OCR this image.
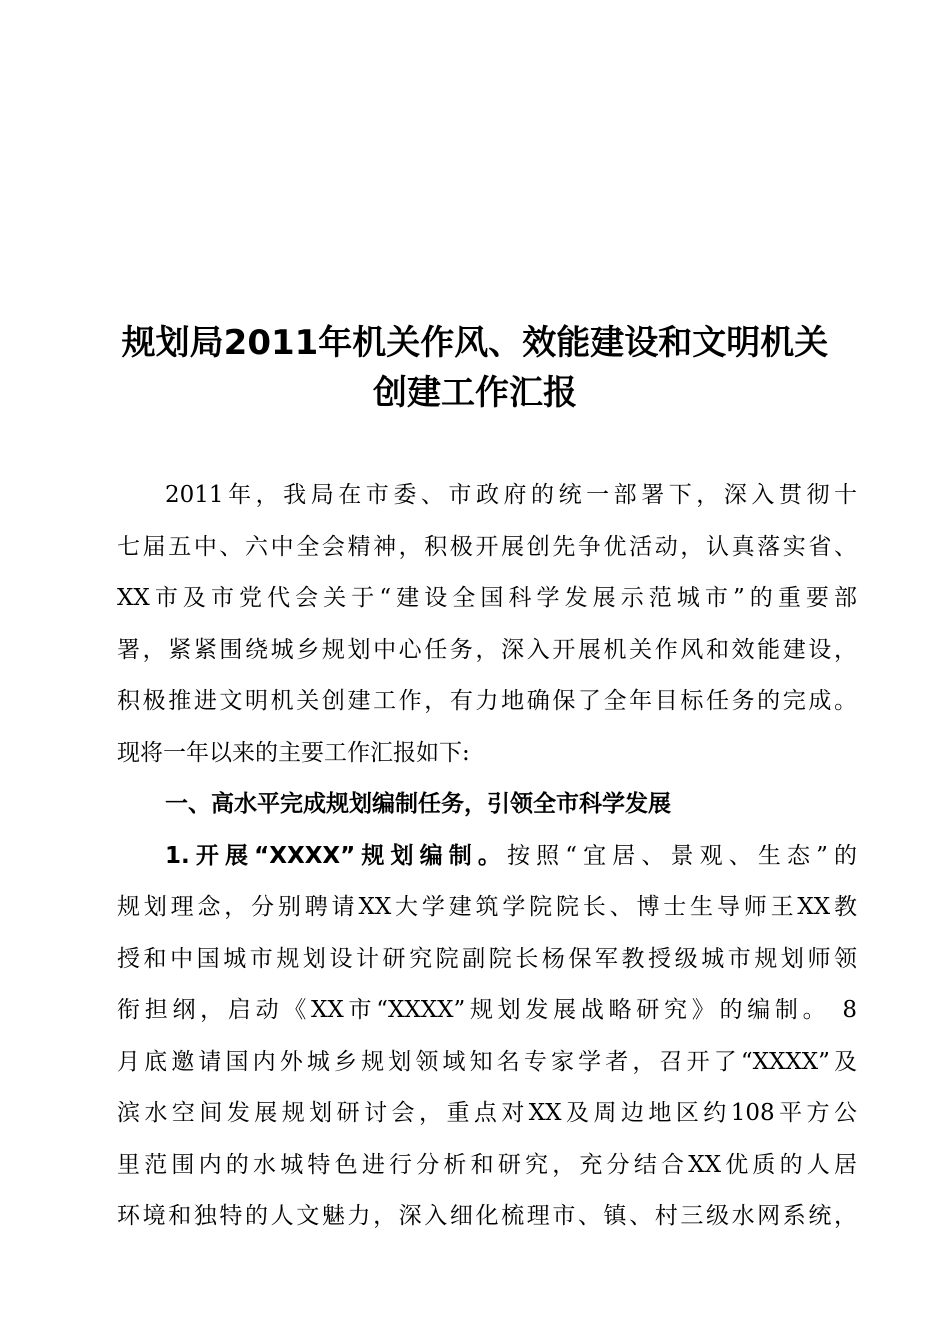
规划局2011年机关作风、效能建设和文明机关
创建工作汇报
2011年，我局在市委、市政府的统一部署下，深入贯彻十
七届五中、六中全会精神，积极开展创先争优活动，认真落实省、
XX市及市党代会关于“建设全国科学发展示范城市”的重要部
署，紧紧围绕城乡规划中心任务，深入开展机关作风和效能建设，
积极推进文明机关创建工作，有力地确保了全年目标任务的完成。
现将一年以来的主要工作汇报如下:
一、高水平完成规划编制任务，引领全市科学发展
1.开展“XXXX”规划编制。按照“宜居、景观、生态”的
规划理念，分别聘请XX大学建筑学院院长、博士生导师王XX教
授和中国城市规划设计研究院副院长杨保军教授级城市规划师领
衔担纲，启动《XX市“XXXX”规划发展战略研究》的编制。 8
月底邀请国内外城乡规划领域知名专家学者，召开了“XXXX”及
滨水空间发展规划研讨会，重点对XX及周边地区约108平方公
里范围内的水城特色进行分析和研究，充分结合XX优质的人居
环境和独特的人文魅力，深入细化梳理市、镇、村三级水网系统，
